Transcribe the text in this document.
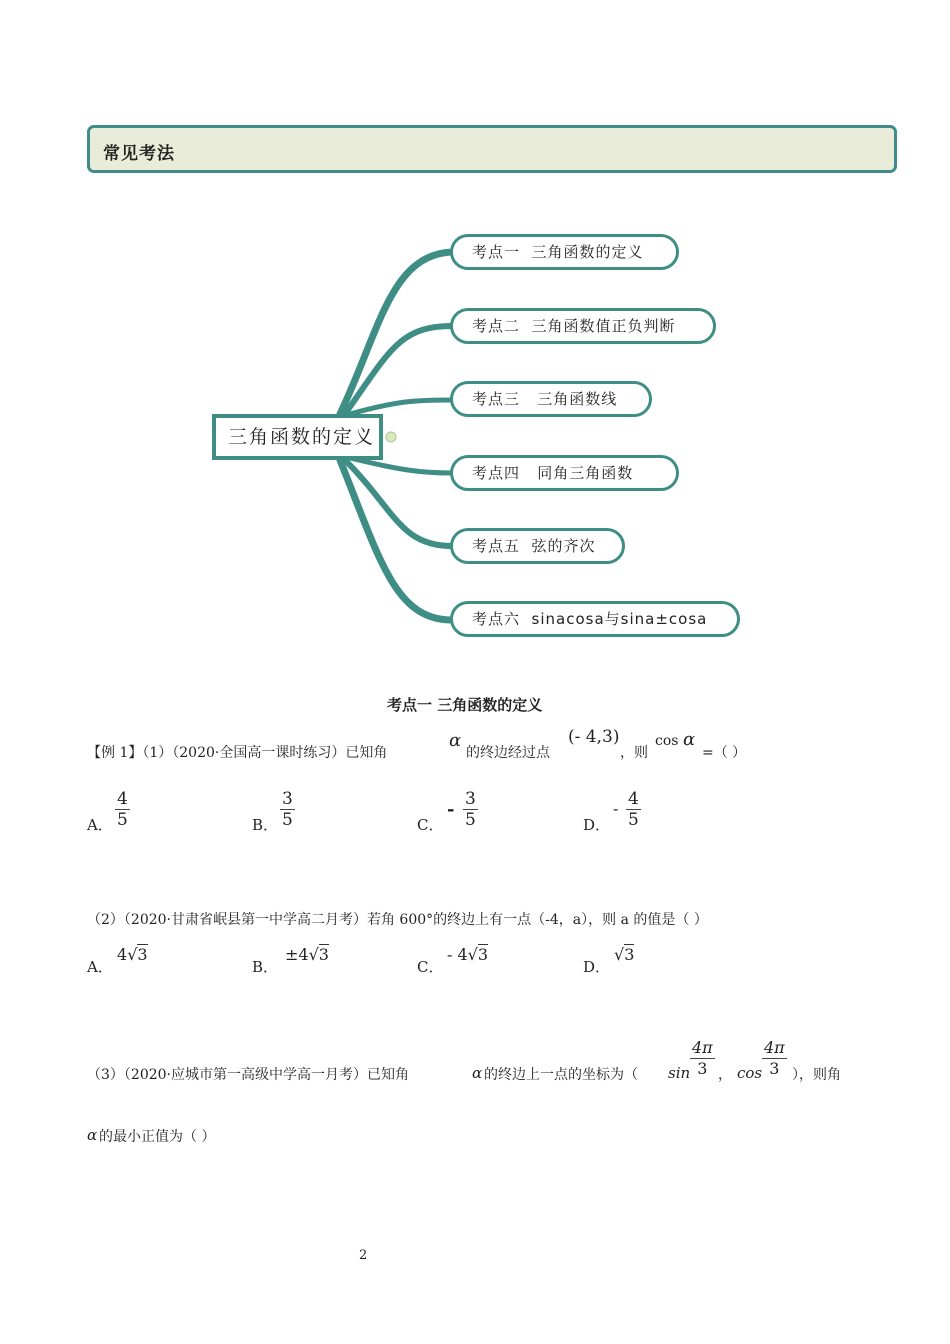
常见考法
三角函数的定义
考点一  三角函数的定义
考点二  三角函数值正负判断
考点三   三角函数线
考点四   同角三角函数
考点五  弦的齐次
考点六  sinacosa与sina±cosa
考点一 三角函数的定义
【例 1】（1）（2020·全国高一课时练习）已知角
α
的终边经过点
(- 4,3)
，则
cos α
=（ ）
A． $\frac{4}{5}$	B． $\frac{3}{5}$	C．
- $\frac{3}{5}$	D．
- $\frac{4}{5}$
（2）（2020·甘肃省岷县第一中学高二月考）若角 600°的终边上有一点（-4，a），则 a 的值是（ ）
A．
4√3
B．
±4√3
C．
- 4√3
D．
√3
（3）（2020·应城市第一高级中学高一月考）已知角	α 的终边上一点的坐标为（ $\sin \frac{4\pi}{3}$ ， $\cos \frac{4\pi}{3}$ ），则角
α 的最小正值为（ ）
2
